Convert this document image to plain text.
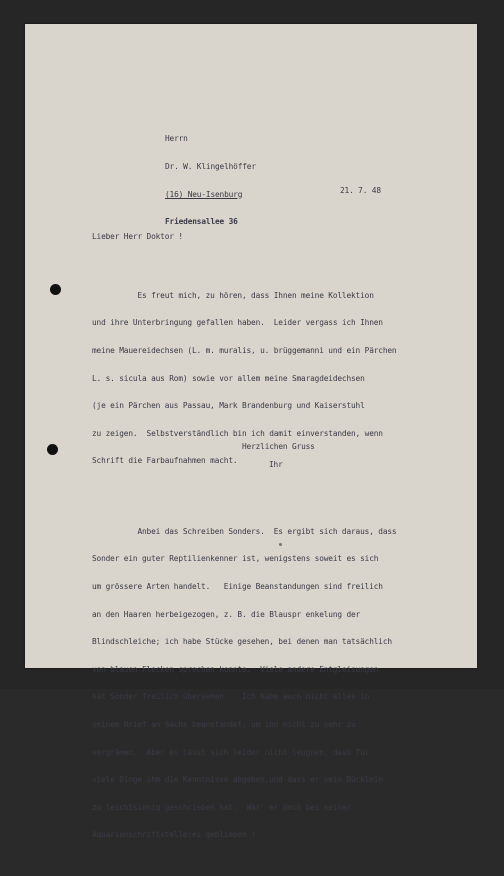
Herrn

Dr. W. Klingelhöffer

(16) Neu-Isenburg

Friedensallee 36

21. 7. 48
Lieber Herr Doktor !

Es freut mich, zu hören, dass Ihnen meine Kollektion

und ihre Unterbringung gefallen haben.  Leider vergass ich Ihnen

meine Mauereidechsen (L. m. muralis, u. brüggemanni und ein Pärchen

L. s. sicula aus Rom) sowie vor allem meine Smaragdeidechsen

(je ein Pärchen aus Passau, Mark Brandenburg und Kaiserstuhl

zu zeigen.  Selbstverständlich bin ich damit einverstanden, wenn

Schrift die Farbaufnahmen macht.

Anbei das Schreiben Sonders.  Es ergibt sich daraus, dass

Sonder ein guter Reptilienkenner ist, wenigstens soweit es sich

um grössere Arten handelt.   Einige Beanstandungen sind freilich

an den Haaren herbeigezogen, z. B. die Blauspr enkelung der

Blindschleiche; ich habe Stücke gesehen, bei denen man tatsächlich

von blauen Flecken sprechen konnte.  Viele andere Entgleisungen

hat Sonder freilich übersehen.   Ich habe auch nicht alles in

seinem Brief an Sachs beanstandet, um ihn nicht zu sehr zu

vergrämen.  Aber es lässt sich leider nicht leugnen, dass für

viele Dinge ihm die Kenntnisse abgehen,und dass er sein Büchlein

zu leichtsinnig geschrieben hat.  Wär' er doch bei seiner

Aquarienschriftstellerei geblieben !

Herzlichen Gruss
Ihr
